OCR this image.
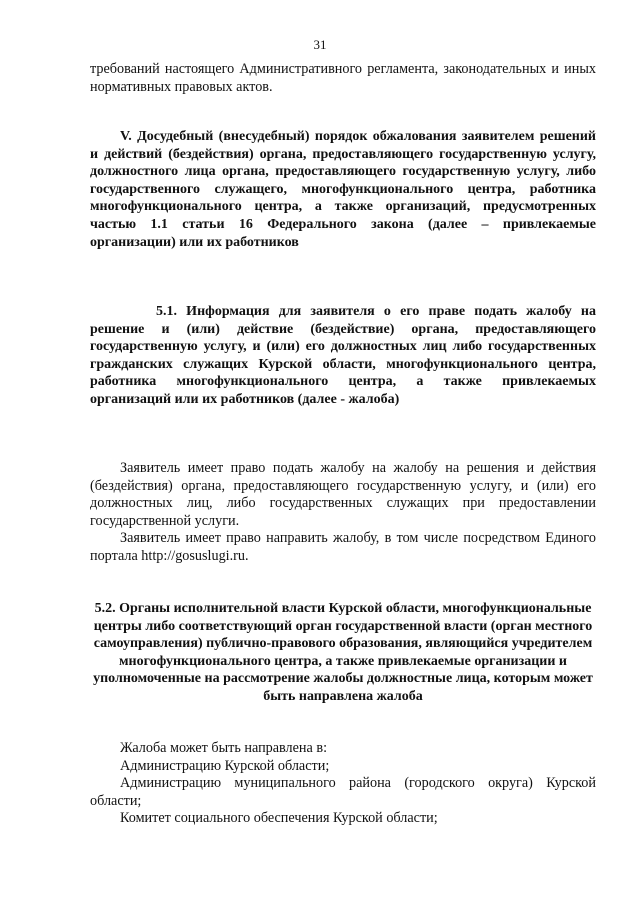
31

требований настоящего Административного регламента, законодательных и иных нормативных правовых актов.

V. Досудебный (внесудебный) порядок обжалования заявителем решений и действий (бездействия) органа, предоставляющего государственную услугу, должностного лица органа, предоставляющего государственную услугу, либо государственного служащего, многофункционального центра, работника многофункционального центра, а также организаций, предусмотренных частью 1.1 статьи 16 Федерального закона (далее – привлекаемые организации) или их работников

5.1. Информация для заявителя о его праве подать жалобу на решение и (или) действие (бездействие) органа, предоставляющего государственную услугу, и (или) его должностных лиц либо государственных гражданских служащих Курской области, многофункционального центра, работника многофункционального центра, а также привлекаемых организаций или их работников (далее - жалоба)

Заявитель имеет право подать жалобу на жалобу на решения и действия (бездействия) органа, предоставляющего государственную услугу, и (или) его должностных лиц, либо государственных служащих при предоставлении государственной услуги.

Заявитель имеет право направить жалобу, в том числе посредством Единого портала http://gosuslugi.ru.

5.2. Органы исполнительной власти Курской области, многофункциональные центры либо соответствующий орган государственной власти (орган местного самоуправления) публично-правового образования, являющийся учредителем многофункционального центра, а также привлекаемые организации и уполномоченные на рассмотрение жалобы должностные лица, которым может быть направлена жалоба

Жалоба может быть направлена в:

Администрацию Курской области;

Администрацию муниципального района (городского округа) Курской области;

Комитет социального обеспечения Курской области;
